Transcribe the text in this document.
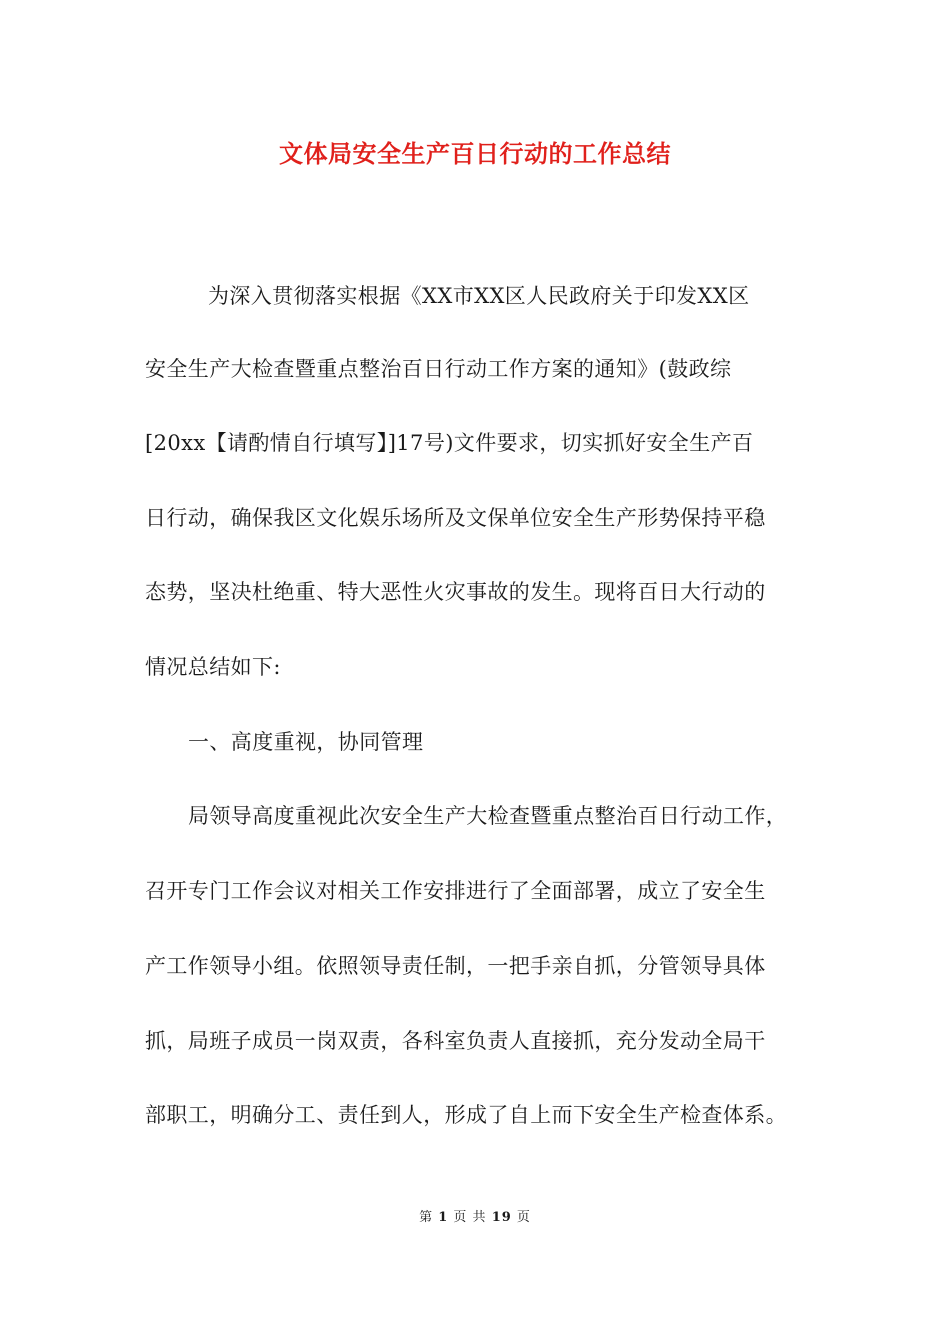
文体局安全生产百日行动的工作总结
为深入贯彻落实根据《XX市XX区人民政府关于印发XX区
安全生产大检查暨重点整治百日行动工作方案的通知》(鼓政综
[20xx【请酌情自行填写】]17号)文件要求，切实抓好安全生产百
日行动，确保我区文化娱乐场所及文保单位安全生产形势保持平稳
态势，坚决杜绝重、特大恶性火灾事故的发生。现将百日大行动的
情况总结如下:
一、高度重视，协同管理
局领导高度重视此次安全生产大检查暨重点整治百日行动工作，
召开专门工作会议对相关工作安排进行了全面部署，成立了安全生
产工作领导小组。依照领导责任制，一把手亲自抓，分管领导具体
抓，局班子成员一岗双责，各科室负责人直接抓，充分发动全局干
部职工，明确分工、责任到人，形成了自上而下安全生产检查体系。
第 1 页 共 19 页
